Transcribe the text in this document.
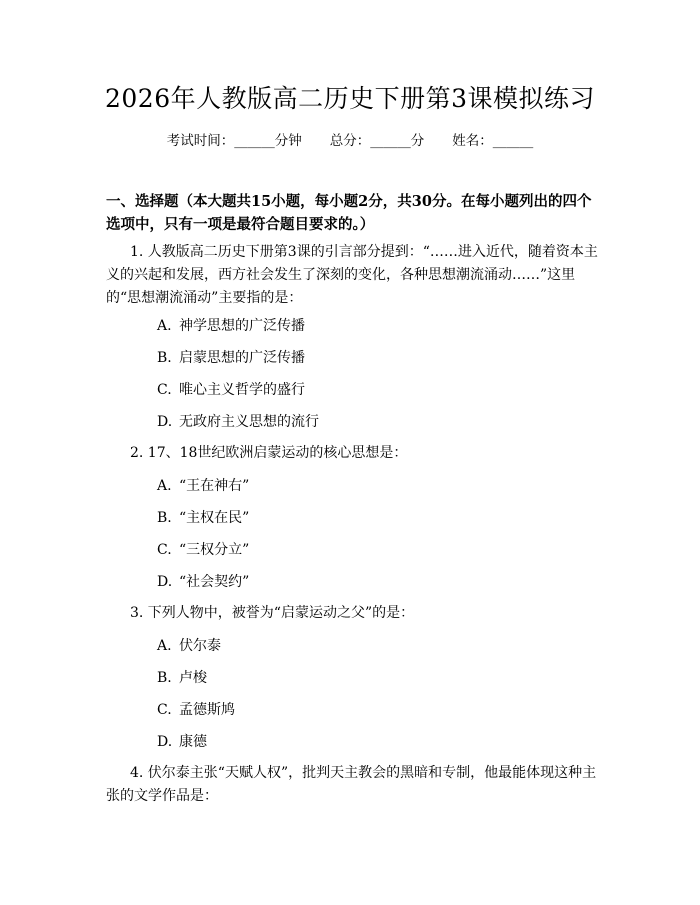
2026年人教版高二历史下册第3课模拟练习
考试时间：______分钟 总分：______分 姓名：______
一、选择题（本大题共15小题，每小题2分，共30分。在每小题列出的四个选项中，只有一项是最符合题目要求的。）
1. 人教版高二历史下册第3课的引言部分提到：“……进入近代，随着资本主义的兴起和发展，西方社会发生了深刻的变化，各种思想潮流涌动……”这里的“思想潮流涌动”主要指的是：
A. 神学思想的广泛传播
B. 启蒙思想的广泛传播
C. 唯心主义哲学的盛行
D. 无政府主义思想的流行
2. 17、18世纪欧洲启蒙运动的核心思想是：
A. “王在神右”
B. “主权在民”
C. “三权分立”
D. “社会契约”
3. 下列人物中，被誉为“启蒙运动之父”的是：
A. 伏尔泰
B. 卢梭
C. 孟德斯鸠
D. 康德
4. 伏尔泰主张“天赋人权”，批判天主教会的黑暗和专制，他最能体现这种主张的文学作品是：
